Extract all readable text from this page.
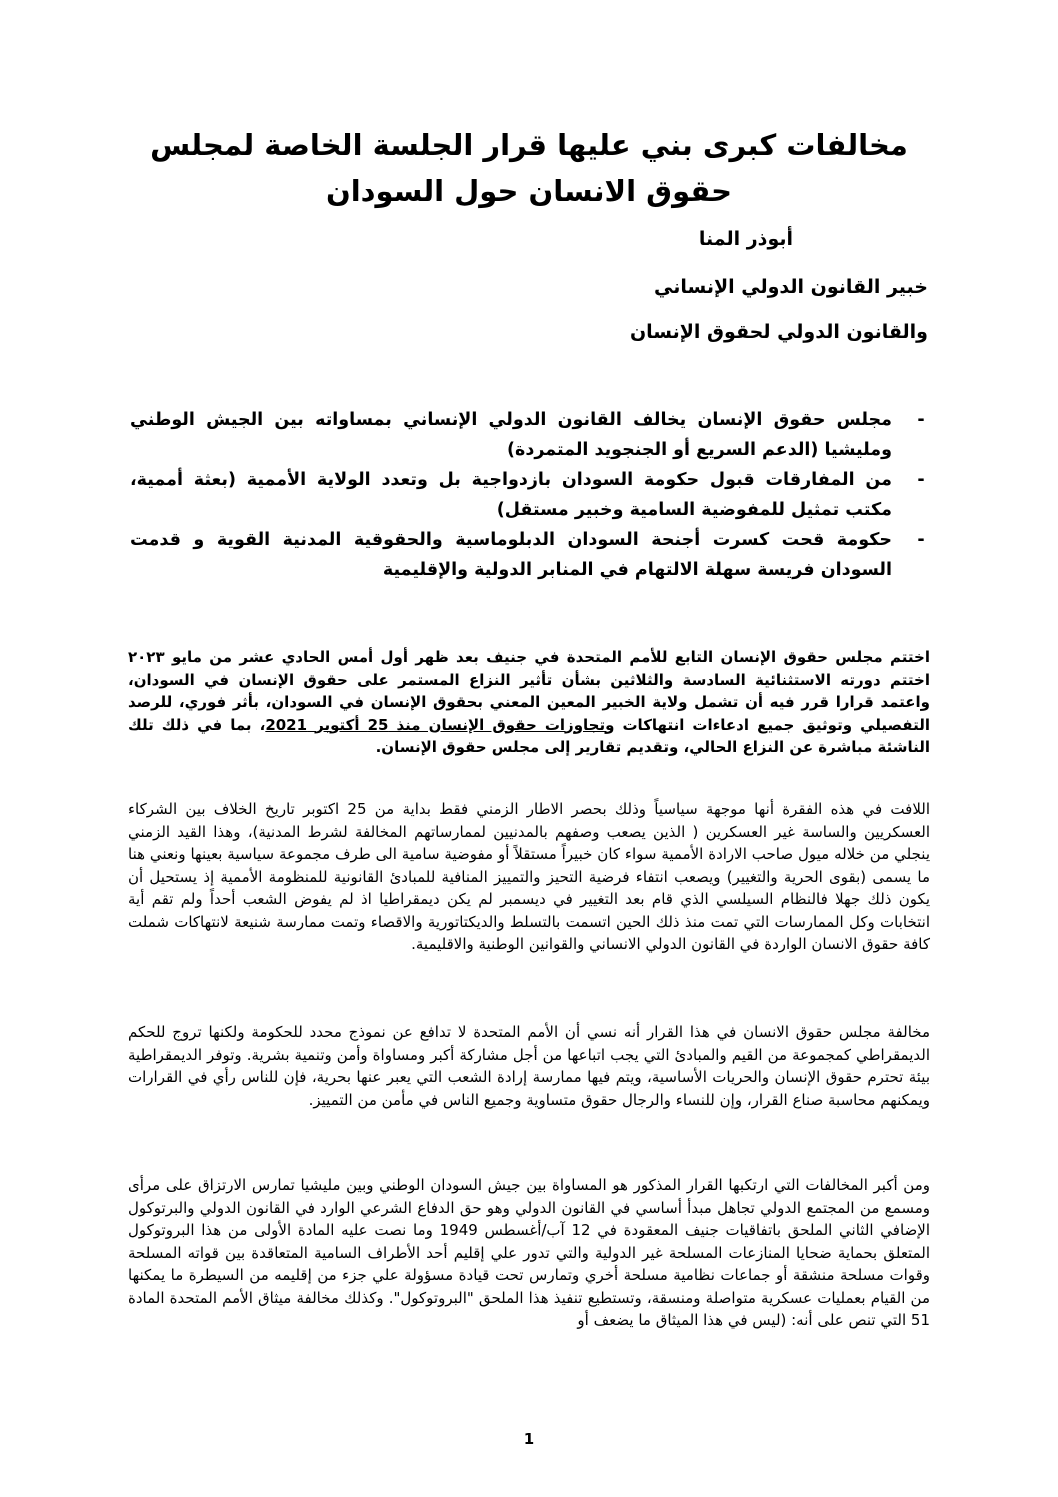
مخالفات كبرى بني عليها قرار الجلسة الخاصة لمجلس حقوق الانسان حول السودان
أبوذر المنا
خبير القانون الدولي الإنساني
والقانون الدولي لحقوق الإنسان
-
مجلس حقوق الإنسان يخالف القانون الدولي الإنساني بمساواته بين الجيش الوطني ومليشيا (الدعم السريع أو الجنجويد المتمردة)
-
من المفارقات قبول حكومة السودان بازدواجية بل وتعدد الولاية الأممية (بعثة أممية، مكتب تمثيل للمفوضية السامية وخبير مستقل)
-
حكومة قحت كسرت أجنحة السودان الدبلوماسية والحقوقية المدنية القوية و قدمت السودان فريسة سهلة الالتهام في المنابر الدولية والإقليمية

اختتم مجلس حقوق الإنسان التابع للأمم المتحدة في جنيف بعد ظهر أول أمس الحادي عشر من مايو ٢٠٢٣ اختتم دورته الاستثنائية السادسة والثلاثين بشأن تأثير النزاع المستمر على حقوق الإنسان في السودان، واعتمد قرارا قرر فيه أن تشمل ولاية الخبير المعين المعني بحقوق الإنسان في السودان، بأثر فوري، للرصد التفصيلي وتوثيق جميع ادعاءات انتهاكات وتجاوزات حقوق الإنسان منذ 25 أكتوبر 2021، بما في ذلك تلك الناشئة مباشرة عن النزاع الحالي، وتقديم تقارير إلى مجلس حقوق الإنسان.

اللافت في هذه الفقرة أنها موجهة سياسياً وذلك بحصر الاطار الزمني فقط بداية من 25 اكتوبر تاريخ الخلاف بين الشركاء العسكريين والساسة غير العسكرين ( الذين يصعب وصفهم بالمدنيين لممارساتهم المخالفة لشرط المدنية)، وهذا القيد الزمني ينجلي من خلاله ميول صاحب الارادة الأممية سواء كان خبيراً مستقلاً أو مفوضية سامية الى طرف مجموعة سياسية بعينها ونعني هنا ما يسمى (بقوى الحرية والتغيير) ويصعب انتفاء فرضية التحيز والتمييز المنافية للمبادئ القانونية للمنظومة الأممية إذ يستحيل أن يكون ذلك جهلا فالنظام السيلسي الذي قام بعد التغيير في ديسمبر لم يكن ديمقراطيا اذ لم يفوض الشعب أحداً ولم تقم أية انتخابات وكل الممارسات التي تمت منذ ذلك الحين اتسمت بالتسلط والديكتاتورية والاقصاء وتمت ممارسة شنيعة لانتهاكات شملت كافة حقوق الانسان الواردة في القانون الدولي الانساني والقوانين الوطنية والاقليمية.

مخالفة مجلس حقوق الانسان في هذا القرار أنه نسي أن الأمم المتحدة لا تدافع عن نموذج محدد للحكومة ولكنها تروج للحكم الديمقراطي كمجموعة من القيم والمبادئ التي يجب اتباعها من أجل مشاركة أكبر ومساواة وأمن وتنمية بشرية. وتوفر الديمقراطية بيئة تحترم حقوق الإنسان والحريات الأساسية، ويتم فيها ممارسة إرادة الشعب التي يعبر عنها بحرية، فإن للناس رأي في القرارات ويمكنهم محاسبة صناع القرار، وإن للنساء والرجال حقوق متساوية وجميع الناس في مأمن من التمييز.

ومن أكبر المخالفات التي ارتكبها القرار المذكور هو المساواة بين جيش السودان الوطني وبين مليشيا تمارس الارتزاق على مرأى ومسمع من المجتمع الدولي تجاهل مبدأ أساسي في القانون الدولي وهو حق الدفاع الشرعي الوارد في القانون الدولي والبرتوكول الإضافي الثاني الملحق باتفاقيات جنيف المعقودة في 12 آب/أغسطس 1949 وما نصت عليه المادة الأولى من هذا البروتوكول المتعلق بحماية ضحايا المنازعات المسلحة غير الدولية والتي تدور علي إقليم أحد الأطراف السامية المتعاقدة بين قواته المسلحة وقوات مسلحة منشقة أو جماعات نظامية مسلحة أخري وتمارس تحت قيادة مسؤولة علي جزء من إقليمه من السيطرة ما يمكنها من القيام بعمليات عسكرية متواصلة ومنسقة، وتستطيع تنفيذ هذا الملحق "البروتوكول". وكذلك مخالفة ميثاق الأمم المتحدة المادة 51 التي تنص على أنه: (ليس في هذا الميثاق ما يضعف أو

1
